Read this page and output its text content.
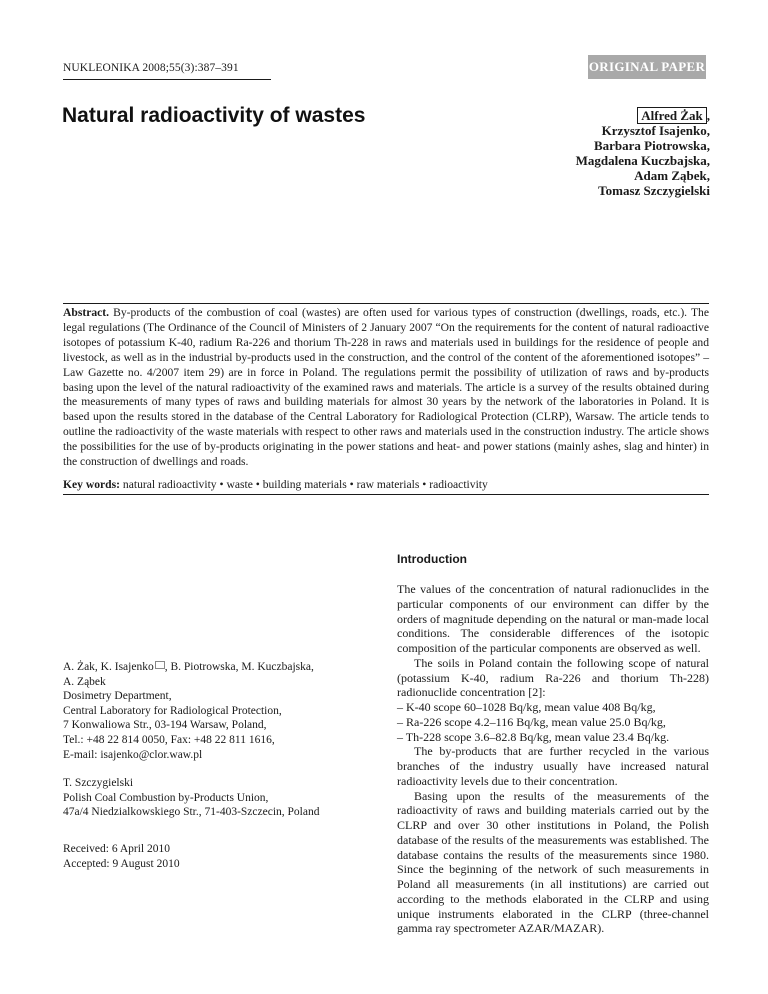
NUKLEONIKA 2008;55(3):387–391	ORIGINAL PAPER
Natural radioactivity of wastes	Alfred Żak ,
Krzysztof Isajenko,
Barbara Piotrowska,
Magdalena Kuczbajska,
Adam Ząbek,
Tomasz Szczygielski

Abstract. By-products of the combustion of coal (wastes) are often used for various types of construction (dwellings, roads, etc.). The legal regulations (The Ordinance of the Council of Ministers of 2 January 2007 “On the requirements for the content of natural radioactive isotopes of potassium K-40, radium Ra-226 and thorium Th-228 in raws and materials used in buildings for the residence of people and livestock, as well as in the industrial by-products used in the construction, and the control of the content of the aforementioned isotopes” – Law Gazette no. 4/2007 item 29) are in force in Poland. The regulations permit the possibility of utilization of raws and by-products basing upon the level of the natural radioactivity of the examined raws and materials. The article is a survey of the results obtained during the measurements of many types of raws and building materials for almost 30 years by the network of the laboratories in Poland. It is based upon the results stored in the database of the Central Laboratory for Radiological Protection (CLRP), Warsaw. The article tends to outline the radioactivity of the waste materials with respect to other raws and materials used in the construction industry. The article shows the possibilities for the use of by-products originating in the power stations and heat- and power stations (mainly ashes, slag and hinter) in the construction of dwellings and roads.

Key words: natural radioactivity • waste • building materials • raw materials • radioactivity

Introduction

The values of the concentration of natural radionuclides in the particular components of our environment can differ by the orders of magnitude depending on the natural or man-made local conditions. The considerable differences of the isotopic composition of the particular components are observed as well.

The soils in Poland contain the following scope of natural (potassium K-40, radium Ra-226 and thorium Th-228) radionuclide concentration [2]:

– K-40 scope 60–1028 Bq/kg, mean value 408 Bq/kg,

– Ra-226 scope 4.2–116 Bq/kg, mean value 25.0 Bq/kg,

– Th-228 scope 3.6–82.8 Bq/kg, mean value 23.4 Bq/kg.

The by-products that are further recycled in the various branches of the industry usually have increased natural radioactivity levels due to their concentration.

Basing upon the results of the measurements of the radioactivity of raws and building materials carried out by the CLRP and over 30 other institutions in Poland, the Polish database of the results of the measurements was established. The database contains the results of the measurements since 1980. Since the beginning of the network of such measurements in Poland all measurements (in all institutions) are carried out according to the methods elaborated in the CLRP and using unique instruments elaborated in the CLRP (three-channel gamma ray spectrometer AZAR/MAZAR).

A. Żak, K. Isajenko , B. Piotrowska, M. Kuczbajska,

A. Ząbek

Dosimetry Department,

Central Laboratory for Radiological Protection,

7 Konwaliowa Str., 03-194 Warsaw, Poland,

Tel.: +48 22 814 0050, Fax: +48 22 811 1616,

E-mail: isajenko@clor.waw.pl

T. Szczygielski

Polish Coal Combustion by-Products Union,

47a/4 Niedzialkowskiego Str., 71-403-Szczecin, Poland

Received: 6 April 2010

Accepted: 9 August 2010
